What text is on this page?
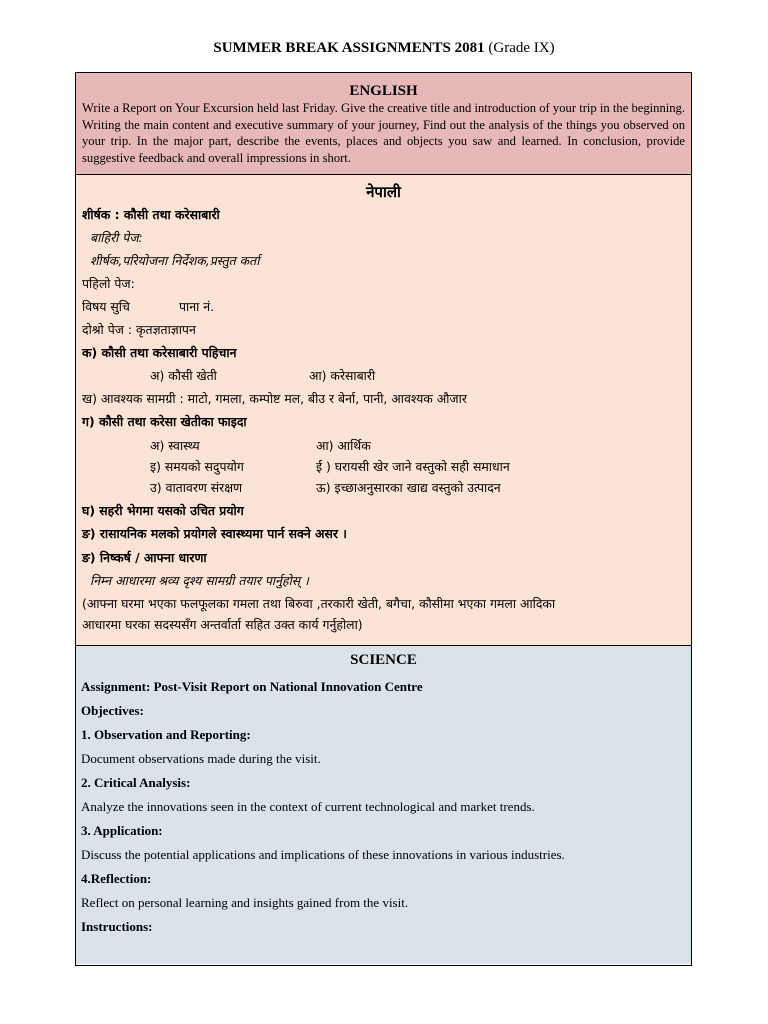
SUMMER BREAK ASSIGNMENTS 2081 (Grade IX)
ENGLISH

Write a Report on Your Excursion held last Friday. Give the creative title and introduction of your trip in the beginning. Writing the main content and executive summary of your journey, Find out the analysis of the things you observed on your trip. In the major part, describe the events, places and objects you saw and learned. In conclusion, provide suggestive feedback and overall impressions in short.

नेपाली
शीर्षक : कौसी तथा करेसाबारी
बाहिरी पेज:
शीर्षक,परियोजना निर्देशक,प्रस्तुत कर्ता
पहिलो पेज:
विषय सुचि	पाना नं.
दोश्रो पेज : कृतज्ञताज्ञापन
क) कौसी तथा करेसाबारी पहिचान
अ) कौसी खेती	आ) करेसाबारी
ख) आवश्यक सामग्री : माटो, गमला, कम्पोष्ट मल, बीउ र बेर्ना, पानी, आवश्यक औजार
ग) कौसी तथा करेसा खेतीका फाइदा
अ) स्वास्थ्य	आ) आर्थिक
इ) समयको सदुपयोग	ई ) घरायसी खेर जाने वस्तुको सही समाधान
उ) वातावरण संरक्षण	ऊ) इच्छाअनुसारका खाद्य वस्तुको उत्पादन
घ) सहरी भेगमा यसको उचित प्रयोग
ङ) रासायनिक मलको प्रयोगले स्वास्थ्यमा पार्न सक्ने असर ।
ङ) निष्कर्ष / आफ्ना धारणा
निम्न आधारमा श्रव्य दृश्य सामग्री तयार पार्नुहोस् ।
(आफ्ना घरमा भएका फलफूलका गमला तथा बिरुवा ,तरकारी खेती, बगैचा, कौसीमा भएका गमला आदिका
आधारमा घरका सदस्यसँग अन्तर्वार्ता सहित उक्त कार्य गर्नुहोला)
SCIENCE
Assignment: Post-Visit Report on National Innovation Centre
Objectives:
1. Observation and Reporting:
Document observations made during the visit.
2. Critical Analysis:
Analyze the innovations seen in the context of current technological and market trends.
3. Application:
Discuss the potential applications and implications of these innovations in various industries.
4.Reflection:
Reflect on personal learning and insights gained from the visit.
Instructions:
